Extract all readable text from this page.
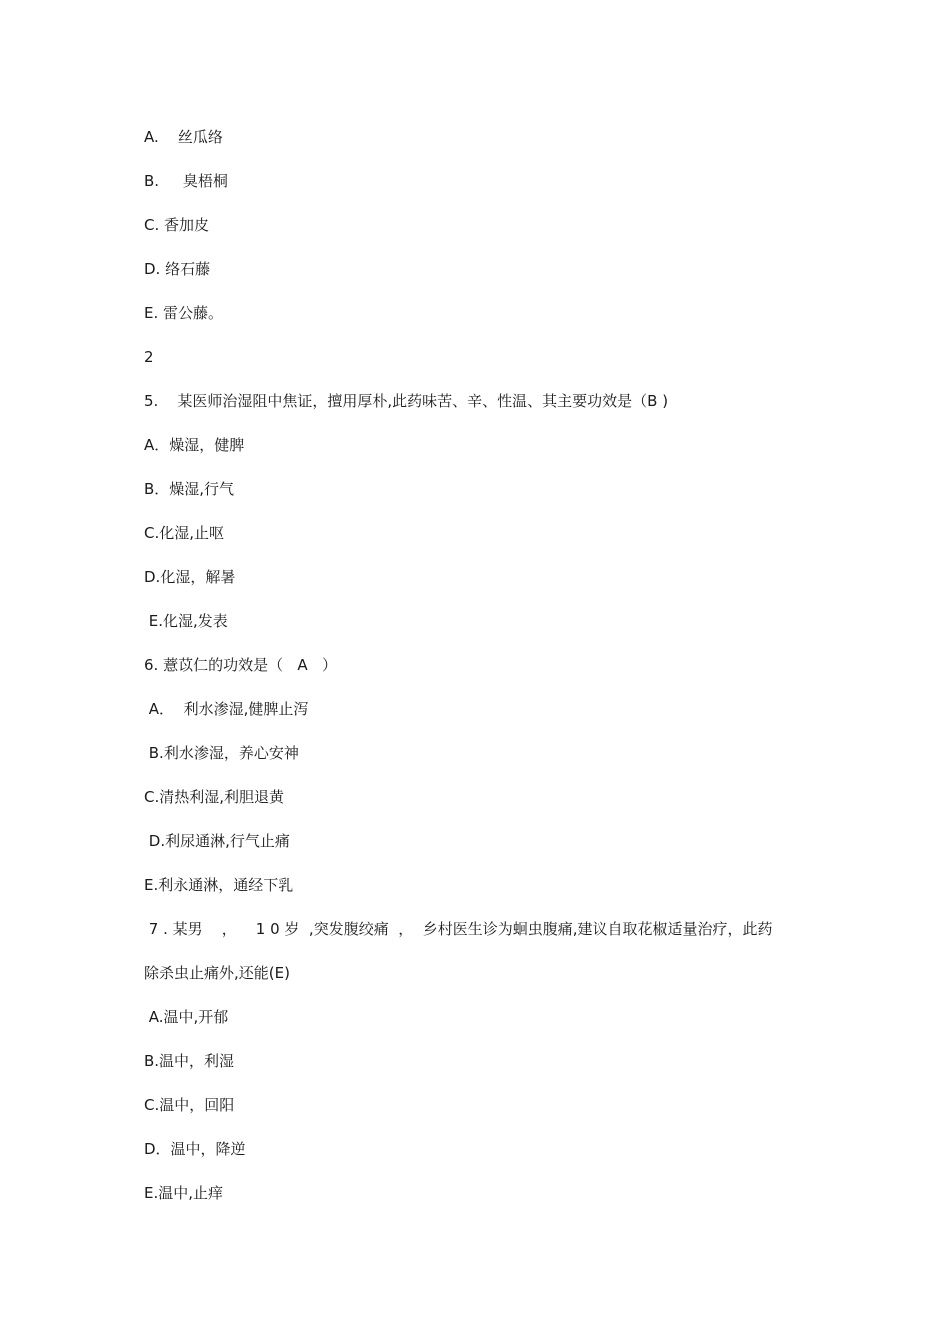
A.    丝瓜络
B.     臭梧桐
C. 香加皮
D. 络石藤
E. 雷公藤。
2
5.    某医师治湿阻中焦证，擅用厚朴,此药味苦、辛、性温、其主要功效是（B )
A．燥湿，健脾
B．燥湿,行气
C.化湿,止呕
D.化湿，解暑
E.化湿,发表
6. 薏苡仁的功效是（   A   ）
A．  利水渗湿,健脾止泻
B.利水渗湿，养心安神
C.清热利湿,利胆退黄
D.利尿通淋,行气止痛
E.利永通淋，通经下乳
7 . 某男    ，    1 0 岁  ,突发腹绞痛  ，  乡村医生诊为蛔虫腹痛,建议自取花椒适量治疗，此药
除杀虫止痛外,还能(E)
A.温中,开郁
B.温中，利湿
C.温中，回阳
D．温中，降逆
E.温中,止痒
